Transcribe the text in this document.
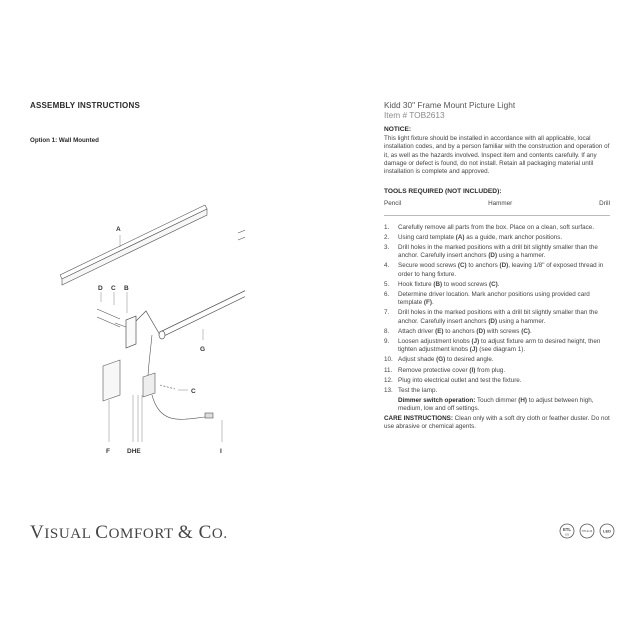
ASSEMBLY INSTRUCTIONS
Option 1: Wall Mounted
A
D C B
G
C
F	DHE	I
VISUAL COMFORT & CO.
Kidd 30" Frame Mount Picture Light
Item # TOB2613
NOTICE:
This light fixture should be installed in accordance with all applicable, local installation codes, and by a person familiar with the construction and operation of it, as well as the hazards involved. Inspect item and contents carefully. If any damage or defect is found, do not install. Retain all packaging material until installation is complete and approved.
TOOLS REQUIRED (NOT INCLUDED):
Pencil	Hammer	Drill
1.	Carefully remove all parts from the box. Place on a clean, soft surface.
2.	Using card template (A) as a guide, mark anchor positions.
3.	Drill holes in the marked positions with a drill bit slightly smaller than the anchor. Carefully insert anchors (D) using a hammer.
4.	Secure wood screws (C) to anchors (D), leaving 1/8" of exposed thread in order to hang fixture.
5.	Hook fixture (B) to wood screws (C).
6.	Determine driver location. Mark anchor positions using provided card template (F).
7.	Drill holes in the marked positions with a drill bit slightly smaller than the anchor. Carefully insert anchors (D) using a hammer.
8.	Attach driver (E) to anchors (D) with screws (C).
9.	Loosen adjustment knobs (J) to adjust fixture arm to desired height, then tighten adjustment knobs (J) (see diagram 1).
10. Adjust shade (G) to desired angle.
11. Remove protective cover (I) from plug.
12. Plug into electrical outlet and test the fixture.
13. Test the lamp.
Dimmer switch operation: Touch dimmer (H) to adjust between high, medium, low and off settings.
CARE INSTRUCTIONS: Clean only with a soft dry cloth or feather duster. Do not use abrasive or chemical agents.
ETL
US
TITLE 24	LED
